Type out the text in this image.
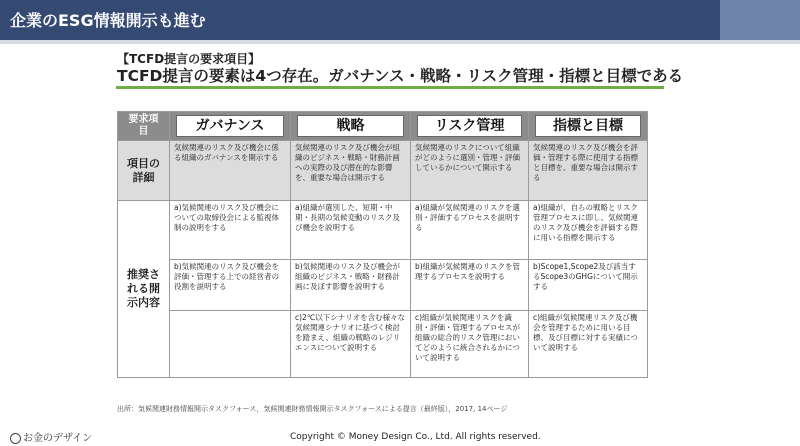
企業のESG情報開示も進む
【TCFD提言の要求項目】
TCFD提言の要素は4つ存在。ガバナンス・戦略・リスク管理・指標と目標である
要求項目	ガバナンス	戦略	リスク管理	指標と目標

項目の詳細	気候関連のリスク及び機会に係る組織のガバナンスを開示する	気候関連のリスク及び機会が組織のビジネス・戦略・財務計画への実際の及び潜在的な影響を、重要な場合は開示する	気候関連のリスクについて組織がどのように選別・管理・評価しているかについて開示する	気候関連のリスク及び機会を評価・管理する際に使用する指標と目標を、重要な場合は開示する
推奨される開示内容	a)気候関連のリスク及び機会についての取締役会による監視体制の説明をする	a)組織が選別した、短期・中期・長期の気候変動のリスク及び機会を説明する	a)組織が気候関連のリスクを選別・評価するプロセスを説明する	a)組織が、自らの戦略とリスク管理プロセスに即し、気候関連のリスク及び機会を評価する際に用いる指標を開示する
	b)気候関連のリスク及び機会を評価・管理する上での経営者の役割を説明する	b)気候関連のリスク及び機会が組織のビジネス・戦略・財務計画に及ぼす影響を説明する	b)組織が気候関連のリスクを管理するプロセスを説明する	b)Scope1,Scope2及び該当するScope3のGHGについて開示する
		c)2℃以下シナリオを含む様々な気候関連シナリオに基づく検討を踏まえ、組織の戦略のレジリエンスについて説明する	c)組織が気候関連リスクを識別・評価・管理するプロセスが組織の総合的リスク管理においてどのように統合されるかについて説明する	c)組織が気候関連リスク及び機会を管理するために用いる目標、及び目標に対する実績について説明する
出所：気候関連財務情報開示タスクフォース，気候関連財務情報開示タスクフォースによる提言（最終版），2017, 14ページ
お金のデザイン	Copyright © Money Design Co., Ltd. All rights reserved.
